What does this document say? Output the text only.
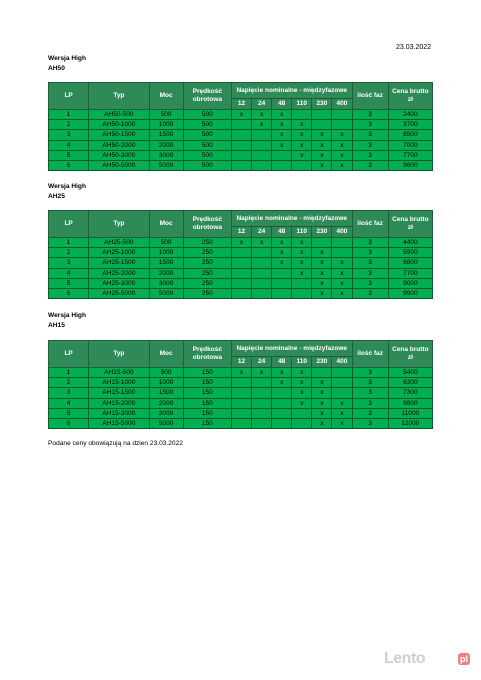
23.03.2022
Wersja High
AH50
LP	Typ	Moc	Prędkość obrotowa	Napięcie nominalne - międzyfazowe						ilość faz	Cena brutto zł
				12	24	48	110	230	400		
1	AH50-500	500	500	x	x	x				3	2400
2	AH50-1000	1000	500		x	x	x			3	3700
3	AH50-1500	1500	500			x	x	x	x	3	6500
4	AH50-2000	2000	500			x	x	x	x	3	7000
5	AH50-3000	3000	500				x	x	x	3	7700
6	AH50-5000	5000	500					x	x	3	9600
Wersja High
AH25
LP	Typ	Moc	Prędkość obrotowa	Napięcie nominalne - międzyfazowe						ilość faz	Cena brutto zł
				12	24	48	110	230	400		
1	AH25-500	500	250	x	x	x	x			3	4400
2	AH25-1000	1000	250			x	x	x		3	5900
3	AH25-1500	1500	250			x	x	x	x	3	6800
4	AH25-2000	2000	250				x	x	x	3	7700
5	AH25-3000	3000	250					x	x	3	9000
6	AH25-5000	5000	250					x	x	3	9900
Wersja High
AH15
LP	Typ	Moc	Prędkość obrotowa	Napięcie nominalne - międzyfazowe						ilość faz	Cena brutto zł
				12	24	48	110	230	400		
1	AH15-500	500	150	x	x	x	x			3	5400
2	AH15-1000	1000	150			x	x	x		3	6300
3	AH15-1500	1500	150				x	x		3	7300
4	AH15-2000	2000	150				x	x	x	3	9800
5	AH15-3000	3000	150					x	x	3	11000
6	AH15-5000	5000	150					x	x	3	12000
Podane ceny obowiązują na dzien 23.03.2022
Lento	pl
